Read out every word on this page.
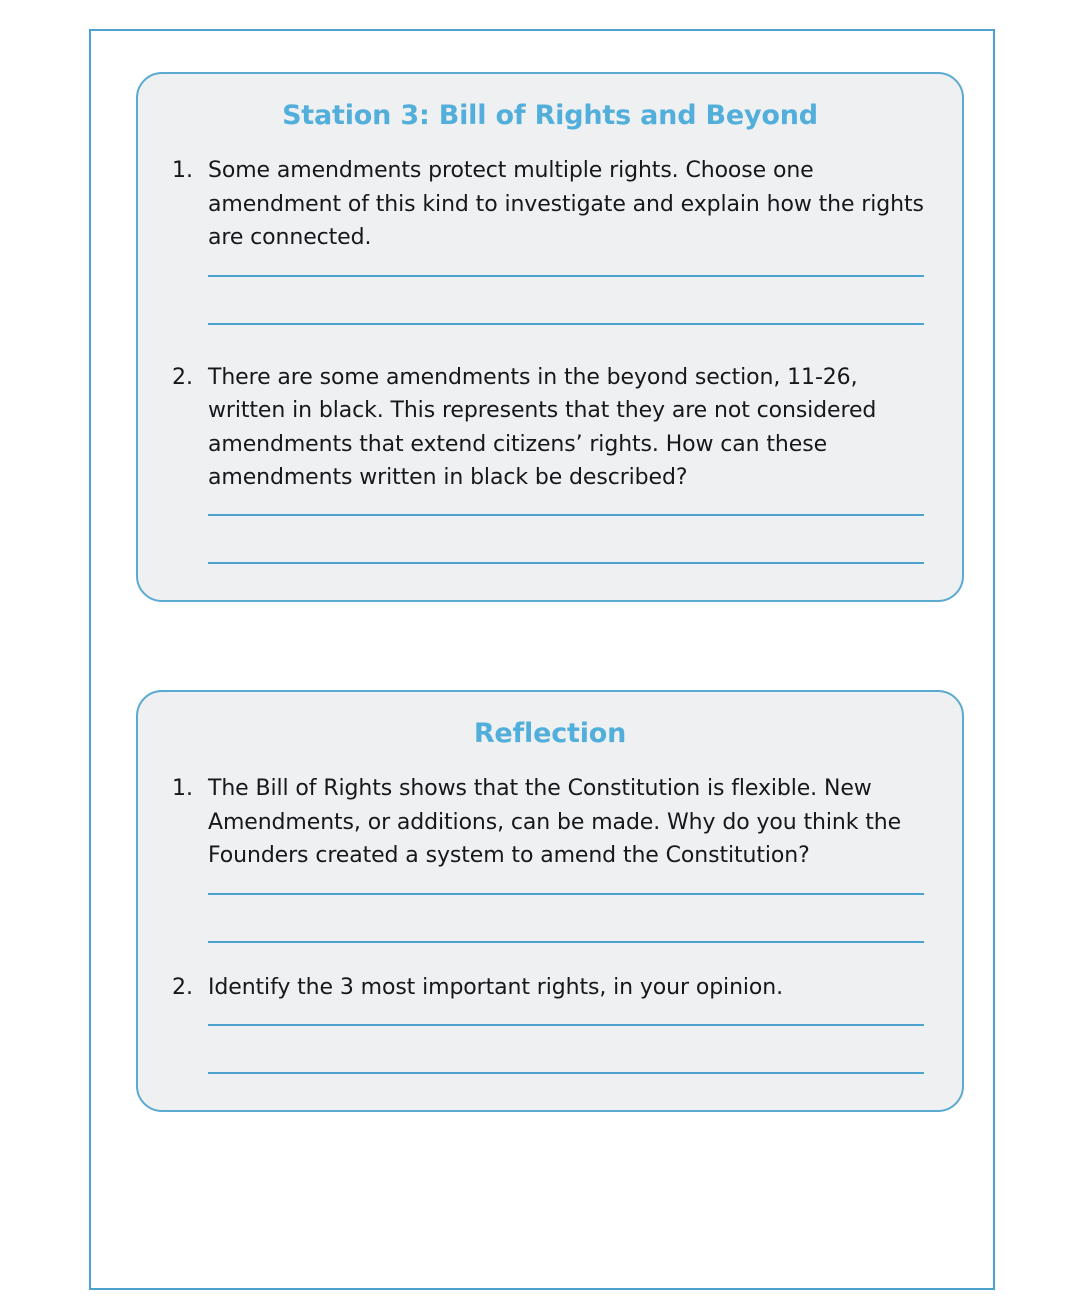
Station 3: Bill of Rights and Beyond
1. Some amendments protect multiple rights. Choose one amendment of this kind to investigate and explain how the rights are connected.
2. There are some amendments in the beyond section, 11-26, written in black. This represents that they are not considered amendments that extend citizens’ rights. How can these amendments written in black be described?
Reflection
1. The Bill of Rights shows that the Constitution is flexible. New Amendments, or additions, can be made. Why do you think the Founders created a system to amend the Constitution?
2. Identify the 3 most important rights, in your opinion.
